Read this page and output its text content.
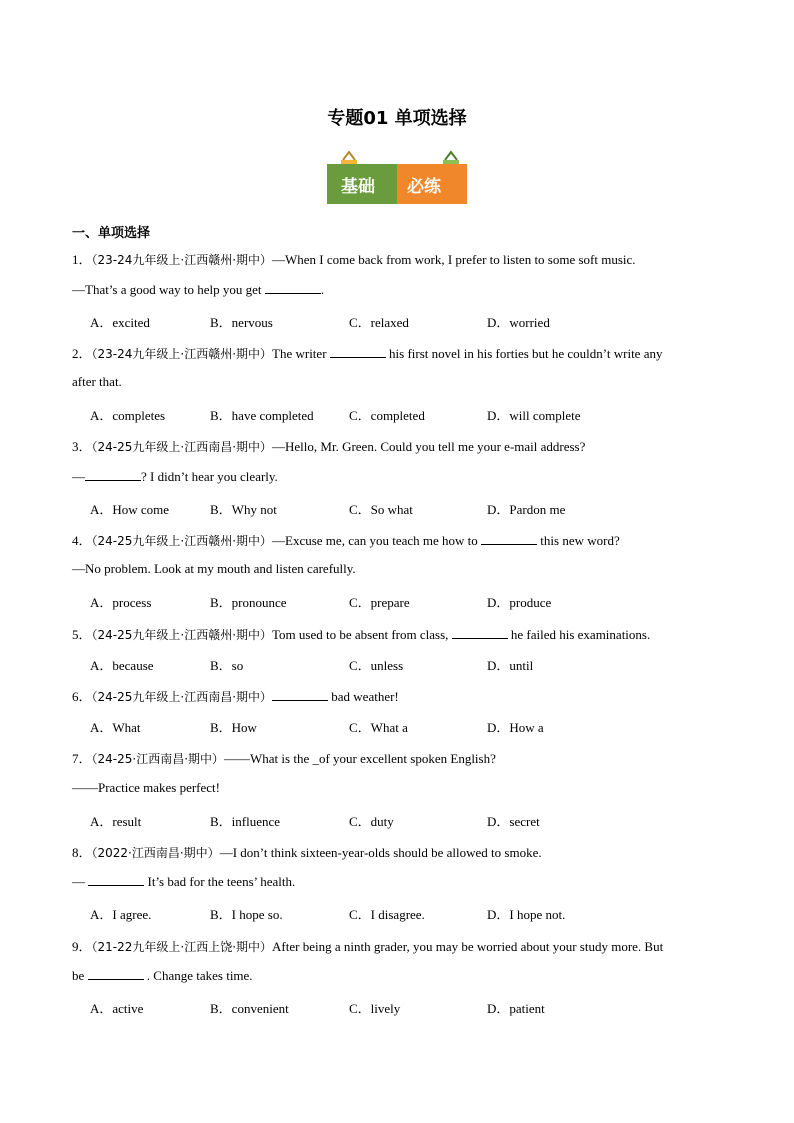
专题01 单项选择
基础 必练
一、单项选择
1．（23-24九年级上·江西赣州·期中）—When I come back from work, I prefer to listen to some soft music.
—That’s a good way to help you get	.
A．excited	B．nervous	C．relaxed	D．worried
2．（23-24九年级上·江西赣州·期中）The writer	his first novel in his forties but he couldn’t write any
after that.
A．completes	B．have completed	C．completed	D．will complete
3．（24-25九年级上·江西南昌·期中）—Hello, Mr. Green. Could you tell me your e-mail address?
—	? I didn’t hear you clearly.
A．How come	B．Why not	C．So what	D．Pardon me
4．（24-25九年级上·江西赣州·期中）—Excuse me, can you teach me how to	this new word?
—No problem. Look at my mouth and listen carefully.
A．process	B．pronounce	C．prepare	D．produce
5．（24-25九年级上·江西赣州·期中）Tom used to be absent from class,	he failed his examinations.
A．because	B．so	C．unless	D．until
6．（24-25九年级上·江西南昌·期中）	bad weather!
A．What	B．How	C．What a	D．How a
7．（24-25·江西南昌·期中）——What is the _of your excellent spoken English?
——Practice makes perfect!
A．result	B．influence	C．duty	D．secret
8．（2022·江西南昌·期中）—I don’t think sixteen-year-olds should be allowed to smoke.
—	It’s bad for the teens’ health.
A．I agree.	B．I hope so.	C．I disagree.	D．I hope not.
9．（21-22九年级上·江西上饶·期中）After being a ninth grader, you may be worried about your study more. But
be	. Change takes time.
A．active	B．convenient	C．lively	D．patient
